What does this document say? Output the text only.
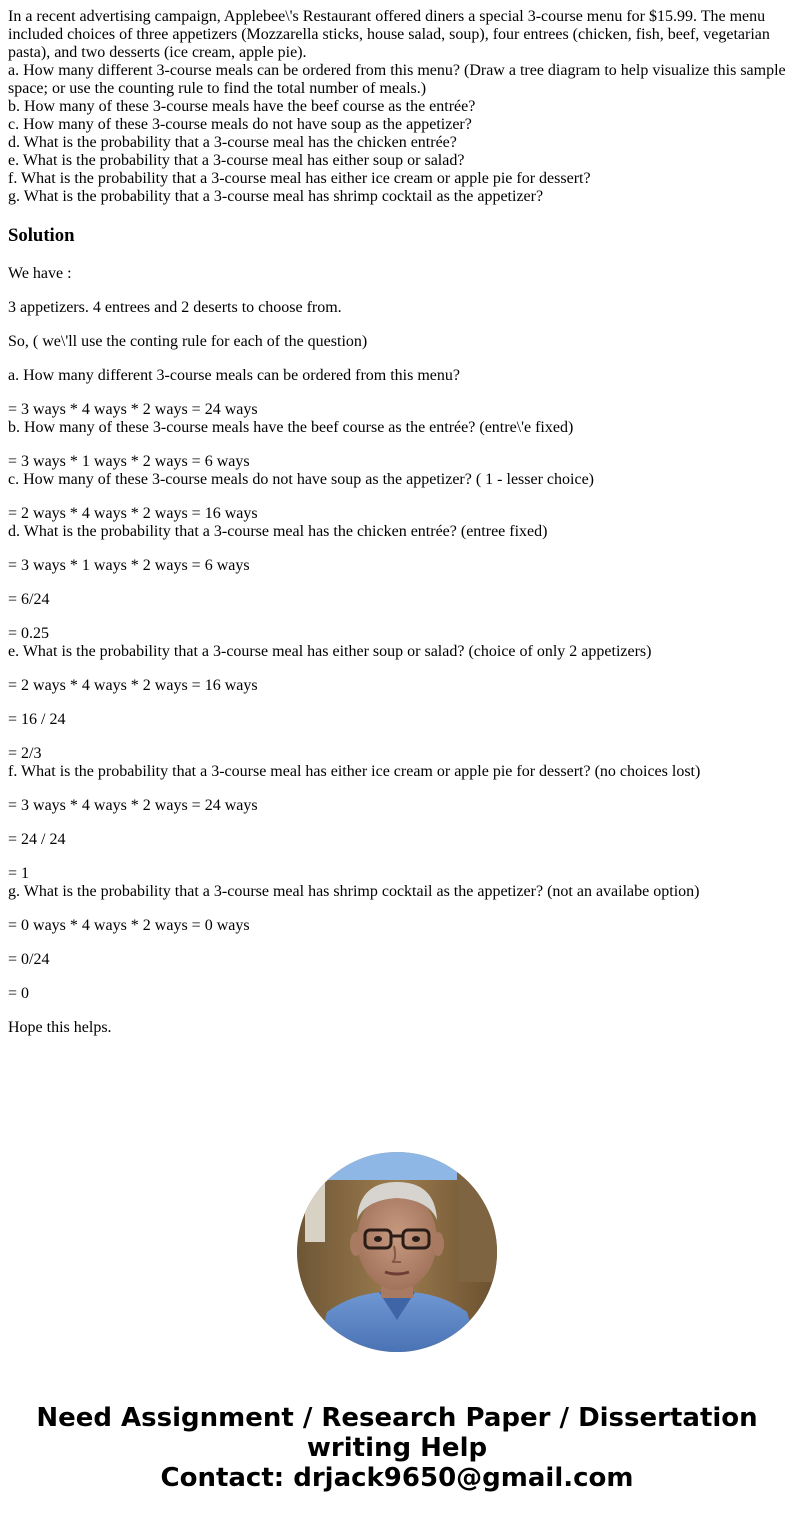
In a recent advertising campaign, Applebee\'s Restaurant offered diners a special 3-course menu for $15.99. The menu included choices of three appetizers (Mozzarella sticks, house salad, soup), four entrees (chicken, fish, beef, vegetarian pasta), and two desserts (ice cream, apple pie).
a. How many different 3-course meals can be ordered from this menu? (Draw a tree diagram to help visualize this sample space; or use the counting rule to find the total number of meals.)
b. How many of these 3-course meals have the beef course as the entrée?
c. How many of these 3-course meals do not have soup as the appetizer?
d. What is the probability that a 3-course meal has the chicken entrée?
e. What is the probability that a 3-course meal has either soup or salad?
f. What is the probability that a 3-course meal has either ice cream or apple pie for dessert?
g. What is the probability that a 3-course meal has shrimp cocktail as the appetizer?
Solution
We have :
3 appetizers. 4 entrees and 2 deserts to choose from.
So, ( we\'ll use the conting rule for each of the question)
a. How many different 3-course meals can be ordered from this menu?
= 3 ways * 4 ways * 2 ways = 24 ways
b. How many of these 3-course meals have the beef course as the entrée? (entre\'e fixed)
= 3 ways * 1 ways * 2 ways = 6 ways
c. How many of these 3-course meals do not have soup as the appetizer? ( 1 - lesser choice)
= 2 ways * 4 ways * 2 ways = 16 ways
d. What is the probability that a 3-course meal has the chicken entrée? (entree fixed)
= 3 ways * 1 ways * 2 ways = 6 ways
= 6/24
= 0.25
e. What is the probability that a 3-course meal has either soup or salad? (choice of only 2 appetizers)
= 2 ways * 4 ways * 2 ways = 16 ways
= 16 / 24
= 2/3
f. What is the probability that a 3-course meal has either ice cream or apple pie for dessert? (no choices lost)
= 3 ways * 4 ways * 2 ways = 24 ways
= 24 / 24
= 1
g. What is the probability that a 3-course meal has shrimp cocktail as the appetizer? (not an availabe option)
= 0 ways * 4 ways * 2 ways = 0 ways
= 0/24
= 0
Hope this helps.
Need Assignment / Research Paper / Dissertation
writing Help
Contact: drjack9650@gmail.com
